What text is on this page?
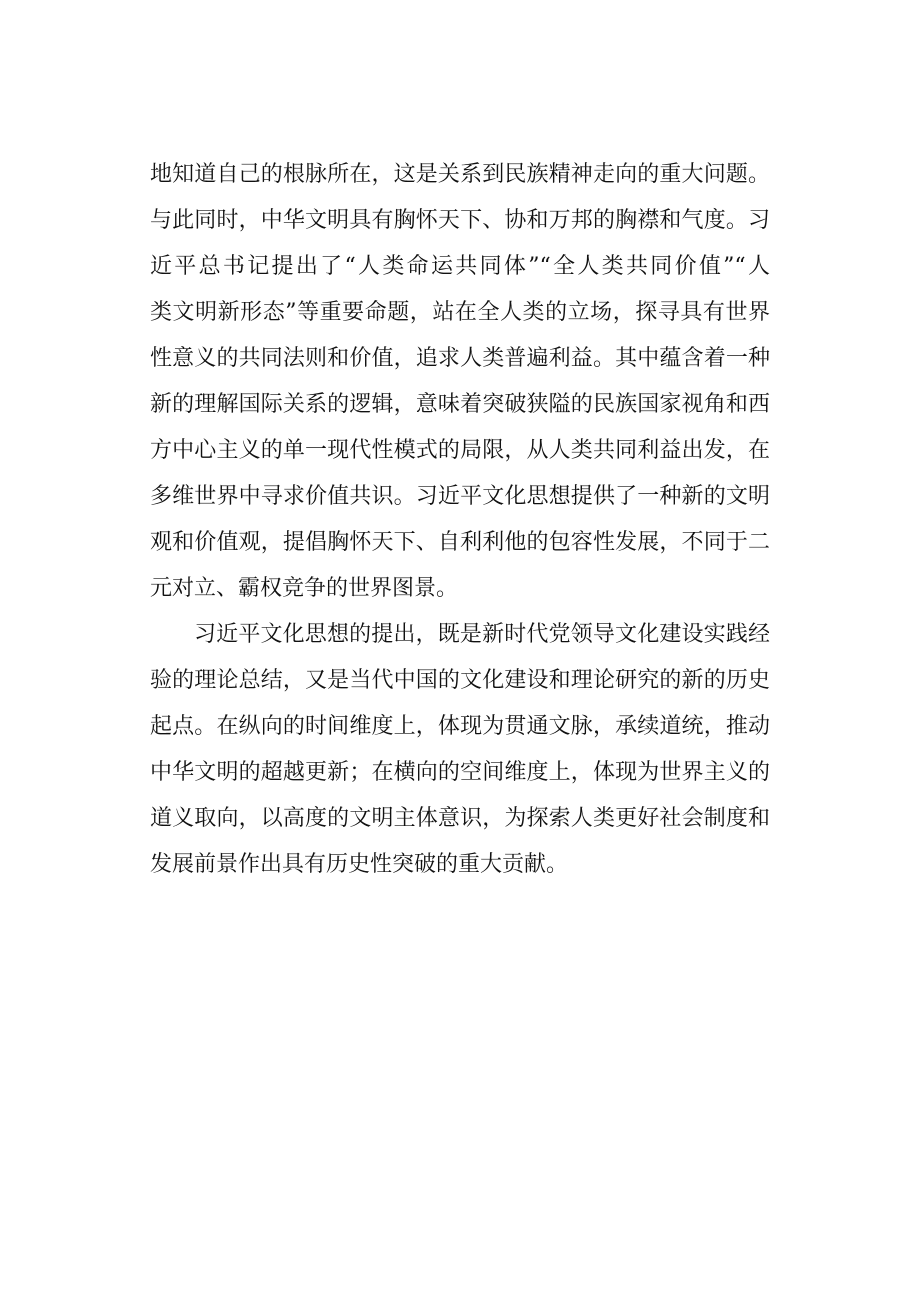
地知道自己的根脉所在，这是关系到民族精神走向的重大问题。
与此同时，中华文明具有胸怀天下、协和万邦的胸襟和气度。习
近平总书记提出了“人类命运共同体”“全人类共同价值”“人
类文明新形态”等重要命题，站在全人类的立场，探寻具有世界
性意义的共同法则和价值，追求人类普遍利益。其中蕴含着一种
新的理解国际关系的逻辑，意味着突破狭隘的民族国家视角和西
方中心主义的单一现代性模式的局限，从人类共同利益出发，在
多维世界中寻求价值共识。习近平文化思想提供了一种新的文明
观和价值观，提倡胸怀天下、自利利他的包容性发展，不同于二
元对立、霸权竞争的世界图景。
习近平文化思想的提出，既是新时代党领导文化建设实践经
验的理论总结，又是当代中国的文化建设和理论研究的新的历史
起点。在纵向的时间维度上，体现为贯通文脉，承续道统，推动
中华文明的超越更新；在横向的空间维度上，体现为世界主义的
道义取向，以高度的文明主体意识，为探索人类更好社会制度和
发展前景作出具有历史性突破的重大贡献。
